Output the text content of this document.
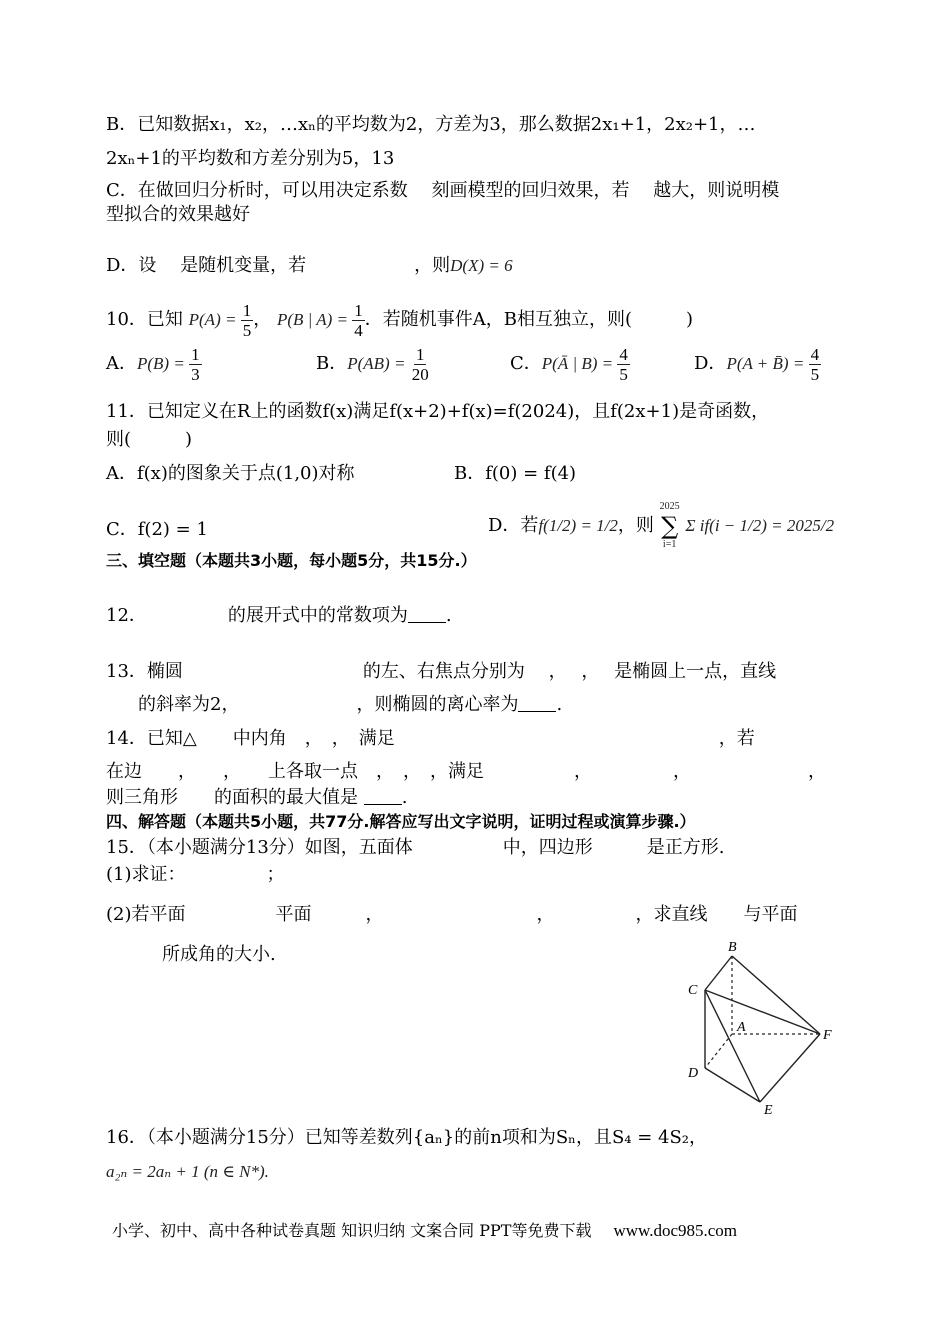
B．已知数据x₁，x₂，…xₙ的平均数为2，方差为3，那么数据2x₁+1，2x₂+1，…
2xₙ+1的平均数和方差分别为5，13
C．在做回归分析时，可以用决定系数　 刻画模型的回归效果，若　 越大，则说明模
型拟合的效果越好
D．设　 是随机变量，若　　　　　　，则D(X) = 6
10．已知 $P(A) = \frac{1}{5}$ ， P(B | $A) = \frac{1}{4}$ ．若随机事件A，B相互独立，则(　　　)
A．$P(B) = \frac{1}{3}$	B．$P(AB) = \frac{1}{20}$	C．P(Ā | $B) = \frac{4}{5}$	D．P(A + B̄) = $\frac{4}{5}$
11．已知定义在R上的函数f(x)满足f(x+2)+f(x)=f(2024)，且f(2x+1)是奇函数，
则(　　　)
A．f(x)的图象关于点(1,0)对称	B．f(0) = f(4)
C．f(2) = 1	D．若f(1/2) = 1/2，则
2025
∑
i=1
Σ if(i − 1/2) = 2025/2
三、填空题（本题共3小题，每小题5分，共15分.）
12．　　　　　的展开式中的常数项为 .
13．椭圆　　　　　　　　　　的左、右焦点分别为　 ，　 ，　 是椭圆上一点，直线
的斜率为2，　　　　　　　，则椭圆的离心率为 .
14．已知△　　中内角　，　，　满足　　　　　　　　　　　　　　　　　　，若
在边　　，　　，　　上各取一点　，　，　，满足　　　　　，　　　　　，　　　　　　　，
则三角形　　的面积的最大值是 .
四、解答题（本题共5小题，共77分.解答应写出文字说明，证明过程或演算步骤.）
15．（本小题满分13分）如图，五面体　　　　　中，四边形　　　是正方形.
(1)求证：　　　　　；
(2)若平面　　　　　平面　　　，　　　　　　　　　，　　　　　，求直线　　与平面
所成角的大小.	B
C
A
F
D
E
16．（本小题满分15分）已知等差数列{aₙ}的前n项和为Sₙ，且S₄ = 4S₂，
a₂ₙ = 2aₙ + 1 (n ∈ N*).
小学、初中、高中各种试卷真题 知识归纳 文案合同 PPT等免费下载 www.doc985.com
